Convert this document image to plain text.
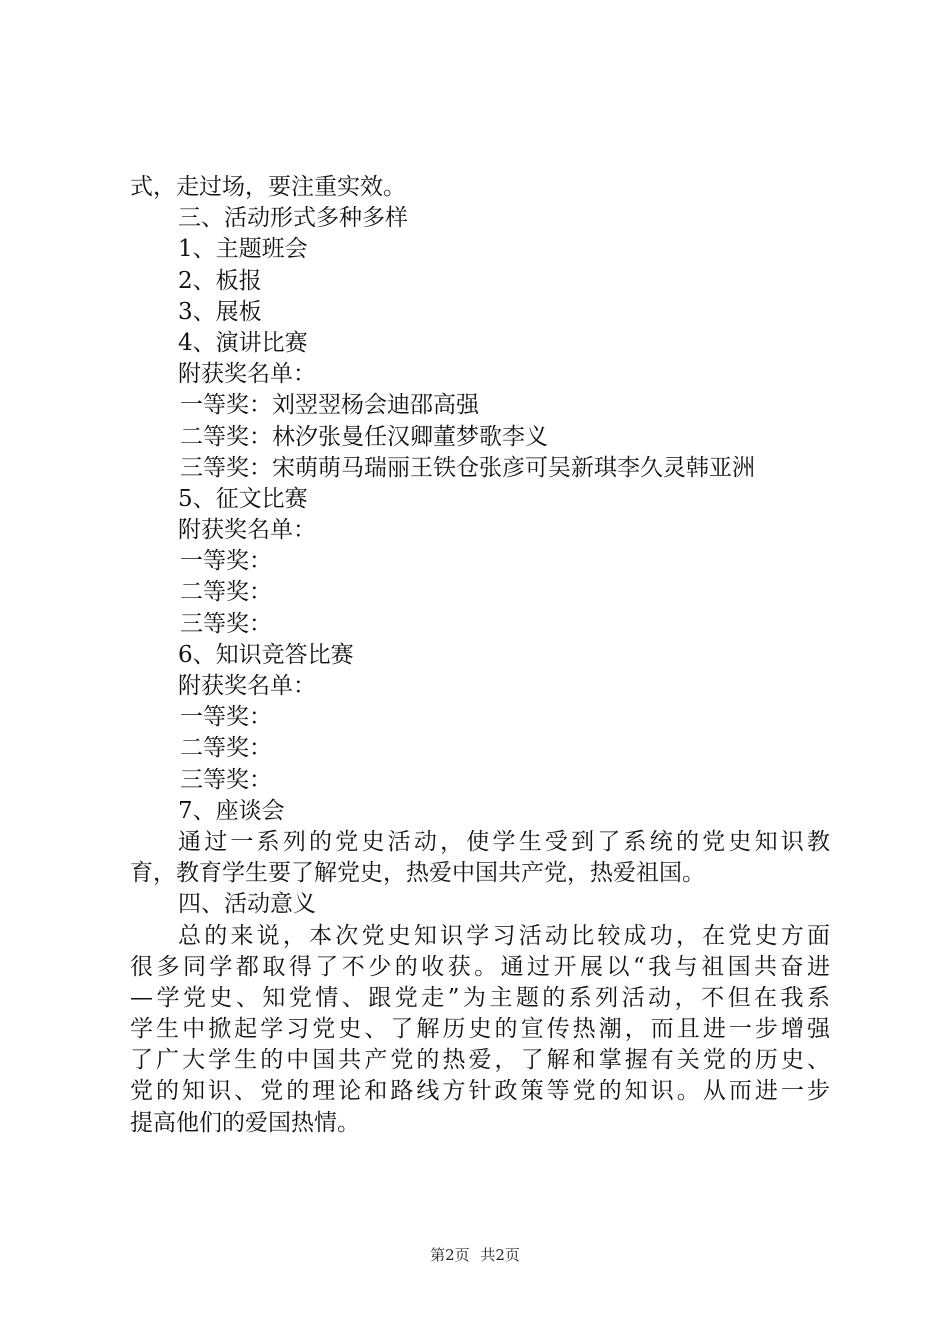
式，走过场，要注重实效。
三、活动形式多种多样
1、主题班会
2、板报
3、展板
4、演讲比赛
附获奖名单：
一等奖：刘翌翌杨会迪邵高强
二等奖：林汐张曼任汉卿董梦歌李义
三等奖：宋萌萌马瑞丽王铁仓张彦可吴新琪李久灵韩亚洲
5、征文比赛
附获奖名单：
一等奖：
二等奖：
三等奖：
6、知识竞答比赛
附获奖名单：
一等奖：
二等奖：
三等奖：
7、座谈会
通过一系列的党史活动，使学生受到了系统的党史知识教
育，教育学生要了解党史，热爱中国共产党，热爱祖国。
四、活动意义
总的来说，本次党史知识学习活动比较成功，在党史方面
很多同学都取得了不少的收获。通过开展以“我与祖国共奋进
—学党史、知党情、跟党走”为主题的系列活动，不但在我系
学生中掀起学习党史、了解历史的宣传热潮，而且进一步增强
了广大学生的中国共产党的热爱，了解和掌握有关党的历史、
党的知识、党的理论和路线方针政策等党的知识。从而进一步
提高他们的爱国热情。
第2页 共2页
